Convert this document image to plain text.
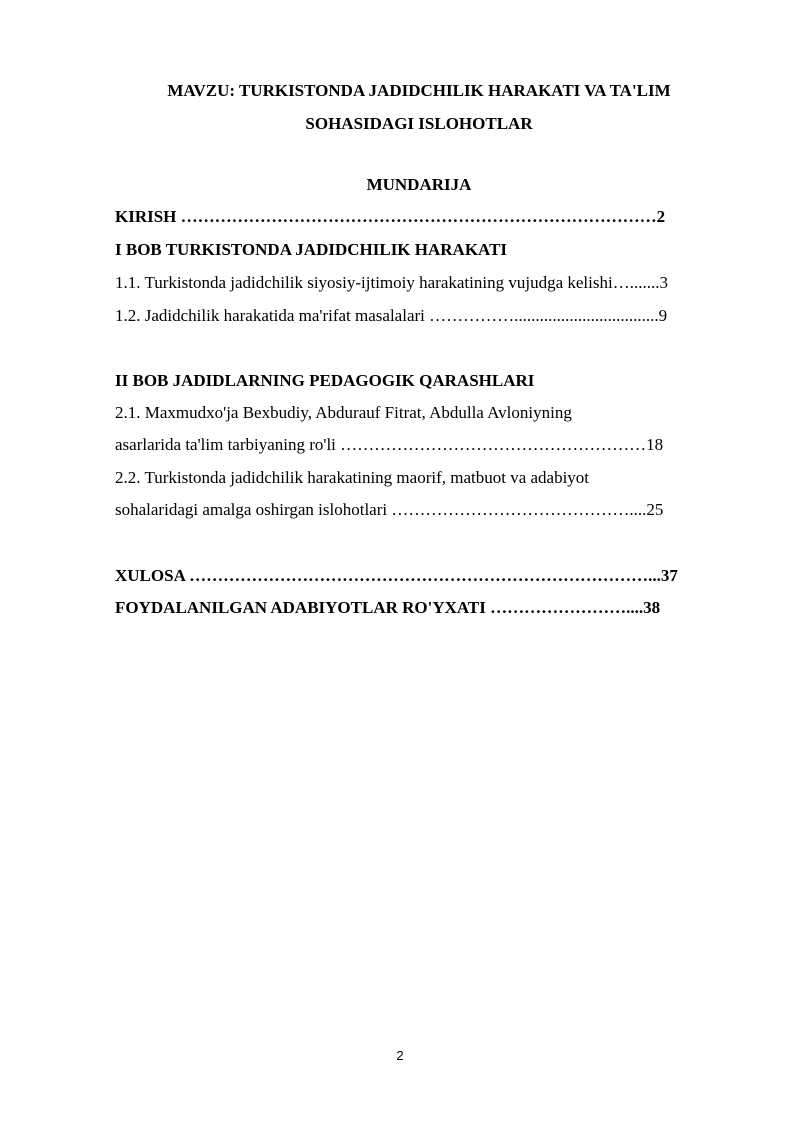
MAVZU: TURKISTONDA JADIDCHILIK HARAKATI VA TA'LIM
SOHASIDAGI ISLOHOTLAR
MUNDARIJA
KIRISH …………………………………………………………………………2
I BOB TURKISTONDA JADIDCHILIK HARAKATI
1.1. Turkistonda jadidchilik siyosiy-ijtimoiy harakatining vujudga kelishi….......3
1.2. Jadidchilik harakatida ma'rifat masalalari ……………..................................9
II BOB JADIDLARNING PEDAGOGIK QARASHLARI
2.1. Maxmudxo'ja Bexbudiy, Abdurauf Fitrat, Abdulla Avloniyning
asarlarida ta'lim tarbiyaning ro'li ………………………………………………18
2.2. Turkistonda jadidchilik harakatining maorif, matbuot va adabiyot
sohalaridagi amalga oshirgan islohotlari ……………………………………....25
XULOSA ………………………………………………………………………...37
FOYDALANILGAN ADABIYOTLAR RO'YXATI ……………………....38
2
